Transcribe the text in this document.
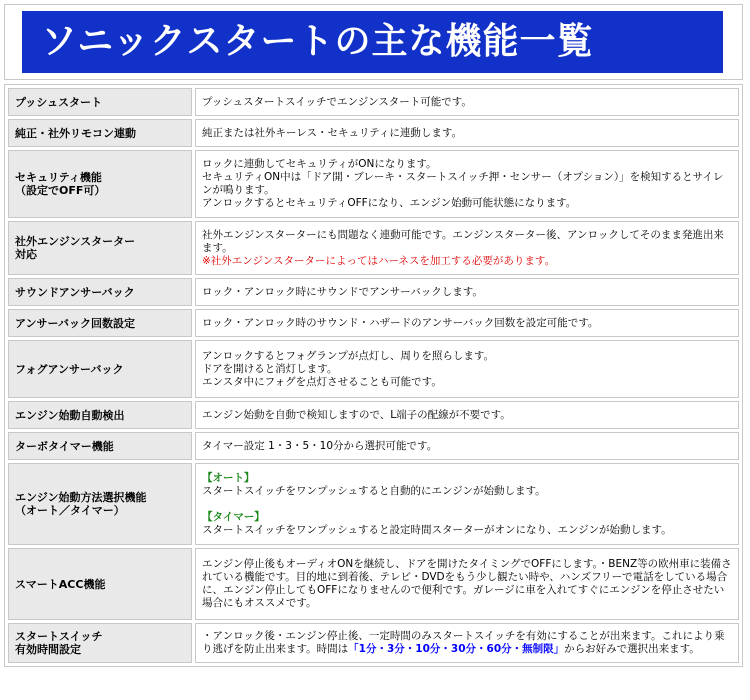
ソニックスタートの主な機能一覧
プッシュスタート	プッシュスタートスイッチでエンジンスタート可能です。

純正・社外リモコン連動	純正または社外キーレス・セキュリティに連動します。

セキュリティ機能
（設定でOFF可）	ロックに連動してセキュリティがONになります。
セキュリティON中は「ドア開・ブレーキ・スタートスイッチ押・センサー（オプション）」を検知するとサイレンが鳴ります。
アンロックするとセキュリティOFFになり、エンジン始動可能状態になります。

社外エンジンスターター
対応	社外エンジンスターターにも問題なく連動可能です。エンジンスターター後、アンロックしてそのまま発進出来ます。
※社外エンジンスターターによってはハーネスを加工する必要があります。

サウンドアンサーバック	ロック・アンロック時にサウンドでアンサーバックします。

アンサーバック回数設定	ロック・アンロック時のサウンド・ハザードのアンサーバック回数を設定可能です。

フォグアンサーバック	アンロックするとフォグランプが点灯し、周りを照らします。
ドアを開けると消灯します。
エンスタ中にフォグを点灯させることも可能です。

エンジン始動自動検出	エンジン始動を自動で検知しますので、L端子の配線が不要です。

ターボタイマー機能	タイマー設定 1・3・5・10分から選択可能です。

エンジン始動方法選択機能
（オート／タイマー）	【オート】
スタートスイッチをワンプッシュすると自動的にエンジンが始動します。

【タイマー】
スタートスイッチをワンプッシュすると設定時間スターターがオンになり、エンジンが始動します。

スマートACC機能	エンジン停止後もオーディオONを継続し、ドアを開けたタイミングでOFFにします。・BENZ等の欧州車に装備されている機能です。目的地に到着後、テレビ・DVDをもう少し観たい時や、ハンズフリーで電話をしている場合に、エンジン停止してもOFFになりませんので便利です。ガレージに車を入れてすぐにエンジンを停止させたい場合にもオススメです。

スタートスイッチ
有効時間設定	・アンロック後・エンジン停止後、一定時間のみスタートスイッチを有効にすることが出来ます。これにより乗り逃げを防止出来ます。時間は「1分・3分・10分・30分・60分・無制限」からお好みで選択出来ます。
